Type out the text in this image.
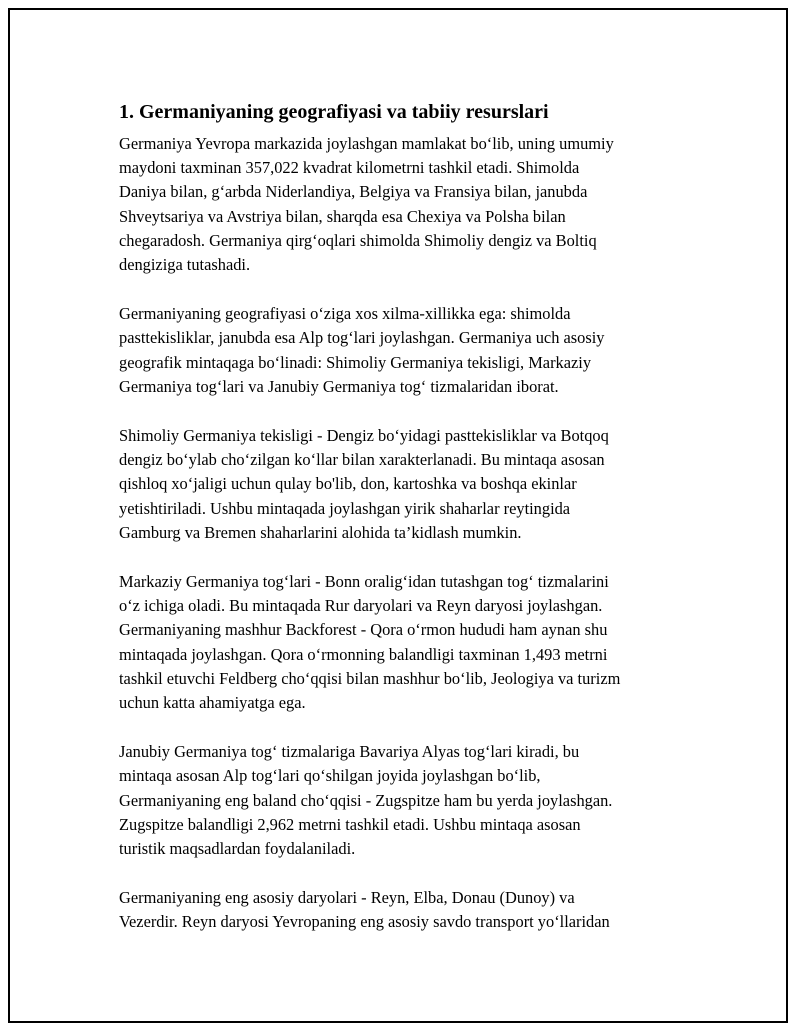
1. Germaniyaning geografiyasi va tabiiy resurslari

Germaniya Yevropa markazida joylashgan mamlakat bo‘lib, uning umumiy
maydoni taxminan 357,022 kvadrat kilometrni tashkil etadi. Shimolda
Daniya bilan, g‘arbda Niderlandiya, Belgiya va Fransiya bilan, janubda
Shveytsariya va Avstriya bilan, sharqda esa Chexiya va Polsha bilan
chegaradosh. Germaniya qirg‘oqlari shimolda Shimoliy dengiz va Boltiq
dengiziga tutashadi.

Germaniyaning geografiyasi o‘ziga xos xilma-xillikka ega: shimolda
pasttekisliklar, janubda esa Alp tog‘lari joylashgan. Germaniya uch asosiy
geografik mintaqaga bo‘linadi: Shimoliy Germaniya tekisligi, Markaziy
Germaniya tog‘lari va Janubiy Germaniya tog‘ tizmalaridan iborat.

Shimoliy Germaniya tekisligi - Dengiz bo‘yidagi pasttekisliklar va Botqoq
dengiz bo‘ylab cho‘zilgan ko‘llar bilan xarakterlanadi. Bu mintaqa asosan
qishloq xo‘jaligi uchun qulay bo'lib, don, kartoshka va boshqa ekinlar
yetishtiriladi. Ushbu mintaqada joylashgan yirik shaharlar reytingida
Gamburg va Bremen shaharlarini alohida ta’kidlash mumkin.

Markaziy Germaniya tog‘lari - Bonn oralig‘idan tutashgan tog‘ tizmalarini
o‘z ichiga oladi. Bu mintaqada Rur daryolari va Reyn daryosi joylashgan.
Germaniyaning mashhur Backforest - Qora o‘rmon hududi ham aynan shu
mintaqada joylashgan. Qora o‘rmonning balandligi taxminan 1,493 metrni
tashkil etuvchi Feldberg cho‘qqisi bilan mashhur bo‘lib, Jeologiya va turizm
uchun katta ahamiyatga ega.

Janubiy Germaniya tog‘ tizmalariga Bavariya Alyas tog‘lari kiradi, bu
mintaqa asosan Alp tog‘lari qo‘shilgan joyida joylashgan bo‘lib,
Germaniyaning eng baland cho‘qqisi - Zugspitze ham bu yerda joylashgan.
Zugspitze balandligi 2,962 metrni tashkil etadi. Ushbu mintaqa asosan
turistik maqsadlardan foydalaniladi.

Germaniyaning eng asosiy daryolari - Reyn, Elba, Donau (Dunoy) va
Vezerdir. Reyn daryosi Yevropaning eng asosiy savdo transport yo‘llaridan
